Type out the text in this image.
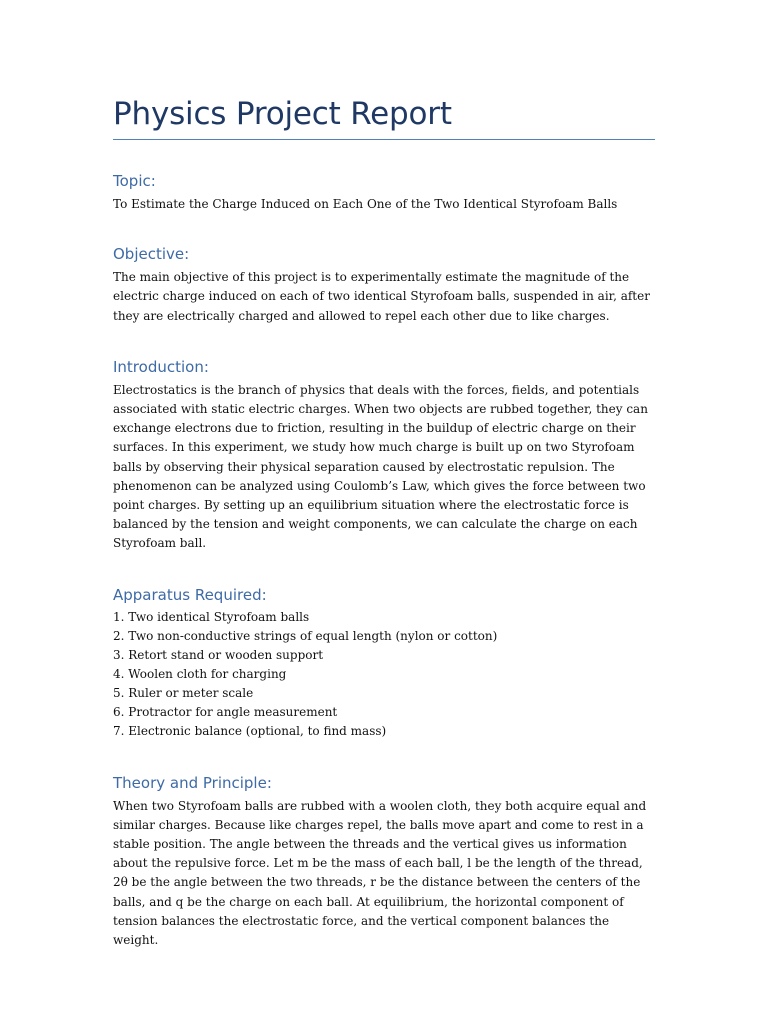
Physics Project Report
Topic:

To Estimate the Charge Induced on Each One of the Two Identical Styrofoam Balls

Objective:

The main objective of this project is to experimentally estimate the magnitude of the electric charge induced on each of two identical Styrofoam balls, suspended in air, after they are electrically charged and allowed to repel each other due to like charges.

Introduction:

Electrostatics is the branch of physics that deals with the forces, fields, and potentials associated with static electric charges. When two objects are rubbed together, they can exchange electrons due to friction, resulting in the buildup of electric charge on their surfaces. In this experiment, we study how much charge is built up on two Styrofoam balls by observing their physical separation caused by electrostatic repulsion. The phenomenon can be analyzed using Coulomb’s Law, which gives the force between two point charges. By setting up an equilibrium situation where the electrostatic force is balanced by the tension and weight components, we can calculate the charge on each Styrofoam ball.

Apparatus Required:
1. Two identical Styrofoam balls
2. Two non-conductive strings of equal length (nylon or cotton)
3. Retort stand or wooden support
4. Woolen cloth for charging
5. Ruler or meter scale
6. Protractor for angle measurement
7. Electronic balance (optional, to find mass)
Theory and Principle:

When two Styrofoam balls are rubbed with a woolen cloth, they both acquire equal and similar charges. Because like charges repel, the balls move apart and come to rest in a stable position. The angle between the threads and the vertical gives us information about the repulsive force. Let m be the mass of each ball, l be the length of the thread, 2θ be the angle between the two threads, r be the distance between the centers of the balls, and q be the charge on each ball. At equilibrium, the horizontal component of tension balances the electrostatic force, and the vertical component balances the weight.
